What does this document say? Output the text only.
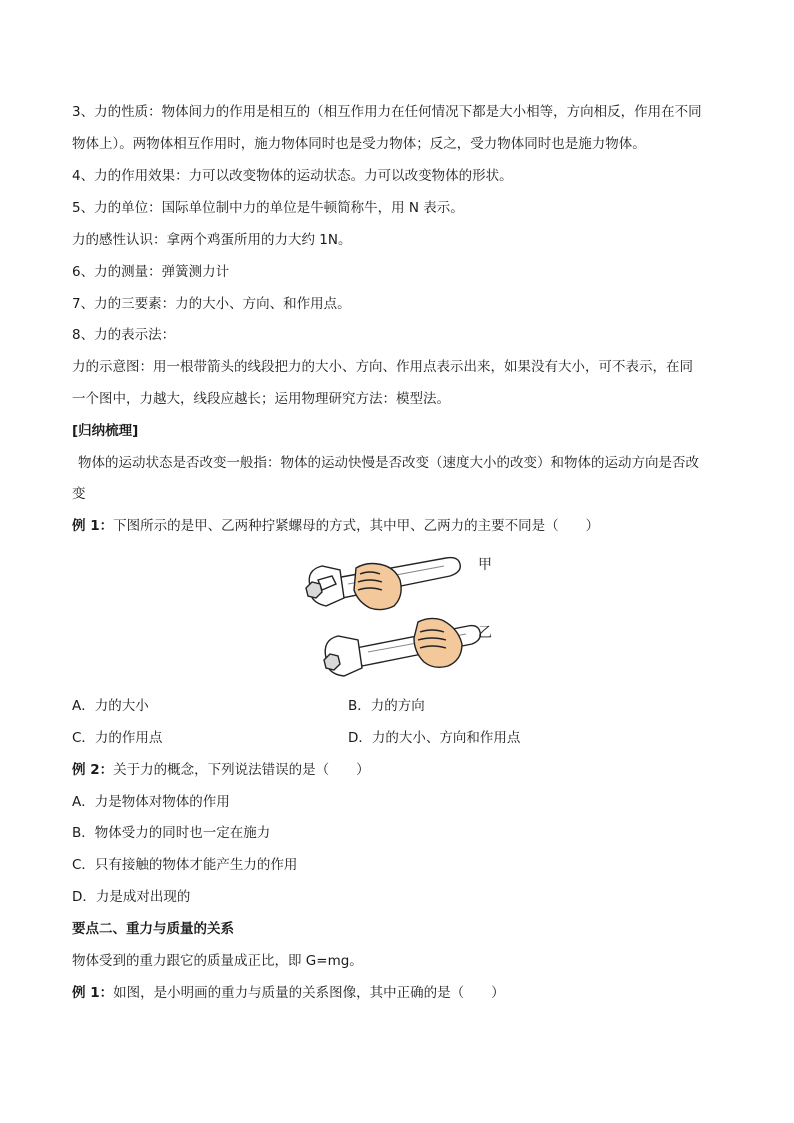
3、力的性质：物体间力的作用是相互的（相互作用力在任何情况下都是大小相等，方向相反，作用在不同
物体上）。两物体相互作用时，施力物体同时也是受力物体；反之，受力物体同时也是施力物体。
4、力的作用效果：力可以改变物体的运动状态。力可以改变物体的形状。
5、力的单位：国际单位制中力的单位是牛顿简称牛，用 N 表示。
力的感性认识：拿两个鸡蛋所用的力大约 1N。
6、力的测量：弹簧测力计
7、力的三要素：力的大小、方向、和作用点。
8、力的表示法：
力的示意图：用一根带箭头的线段把力的大小、方向、作用点表示出来，如果没有大小，可不表示，在同
一个图中，力越大，线段应越长；运用物理研究方法：模型法。
[归纳梳理]
物体的运动状态是否改变一般指：物体的运动快慢是否改变（速度大小的改变）和物体的运动方向是否改
变
例 1：下图所示的是甲、乙两种拧紧螺母的方式，其中甲、乙两力的主要不同是（　　）
甲
乙
A．力的大小	B．力的方向
C．力的作用点	D．力的大小、方向和作用点
例 2：关于力的概念，下列说法错误的是（　　）
A．力是物体对物体的作用
B．物体受力的同时也一定在施力
C．只有接触的物体才能产生力的作用
D．力是成对出现的
要点二、重力与质量的关系
物体受到的重力跟它的质量成正比，即 G=mg。
例 1：如图，是小明画的重力与质量的关系图像，其中正确的是（　　）
